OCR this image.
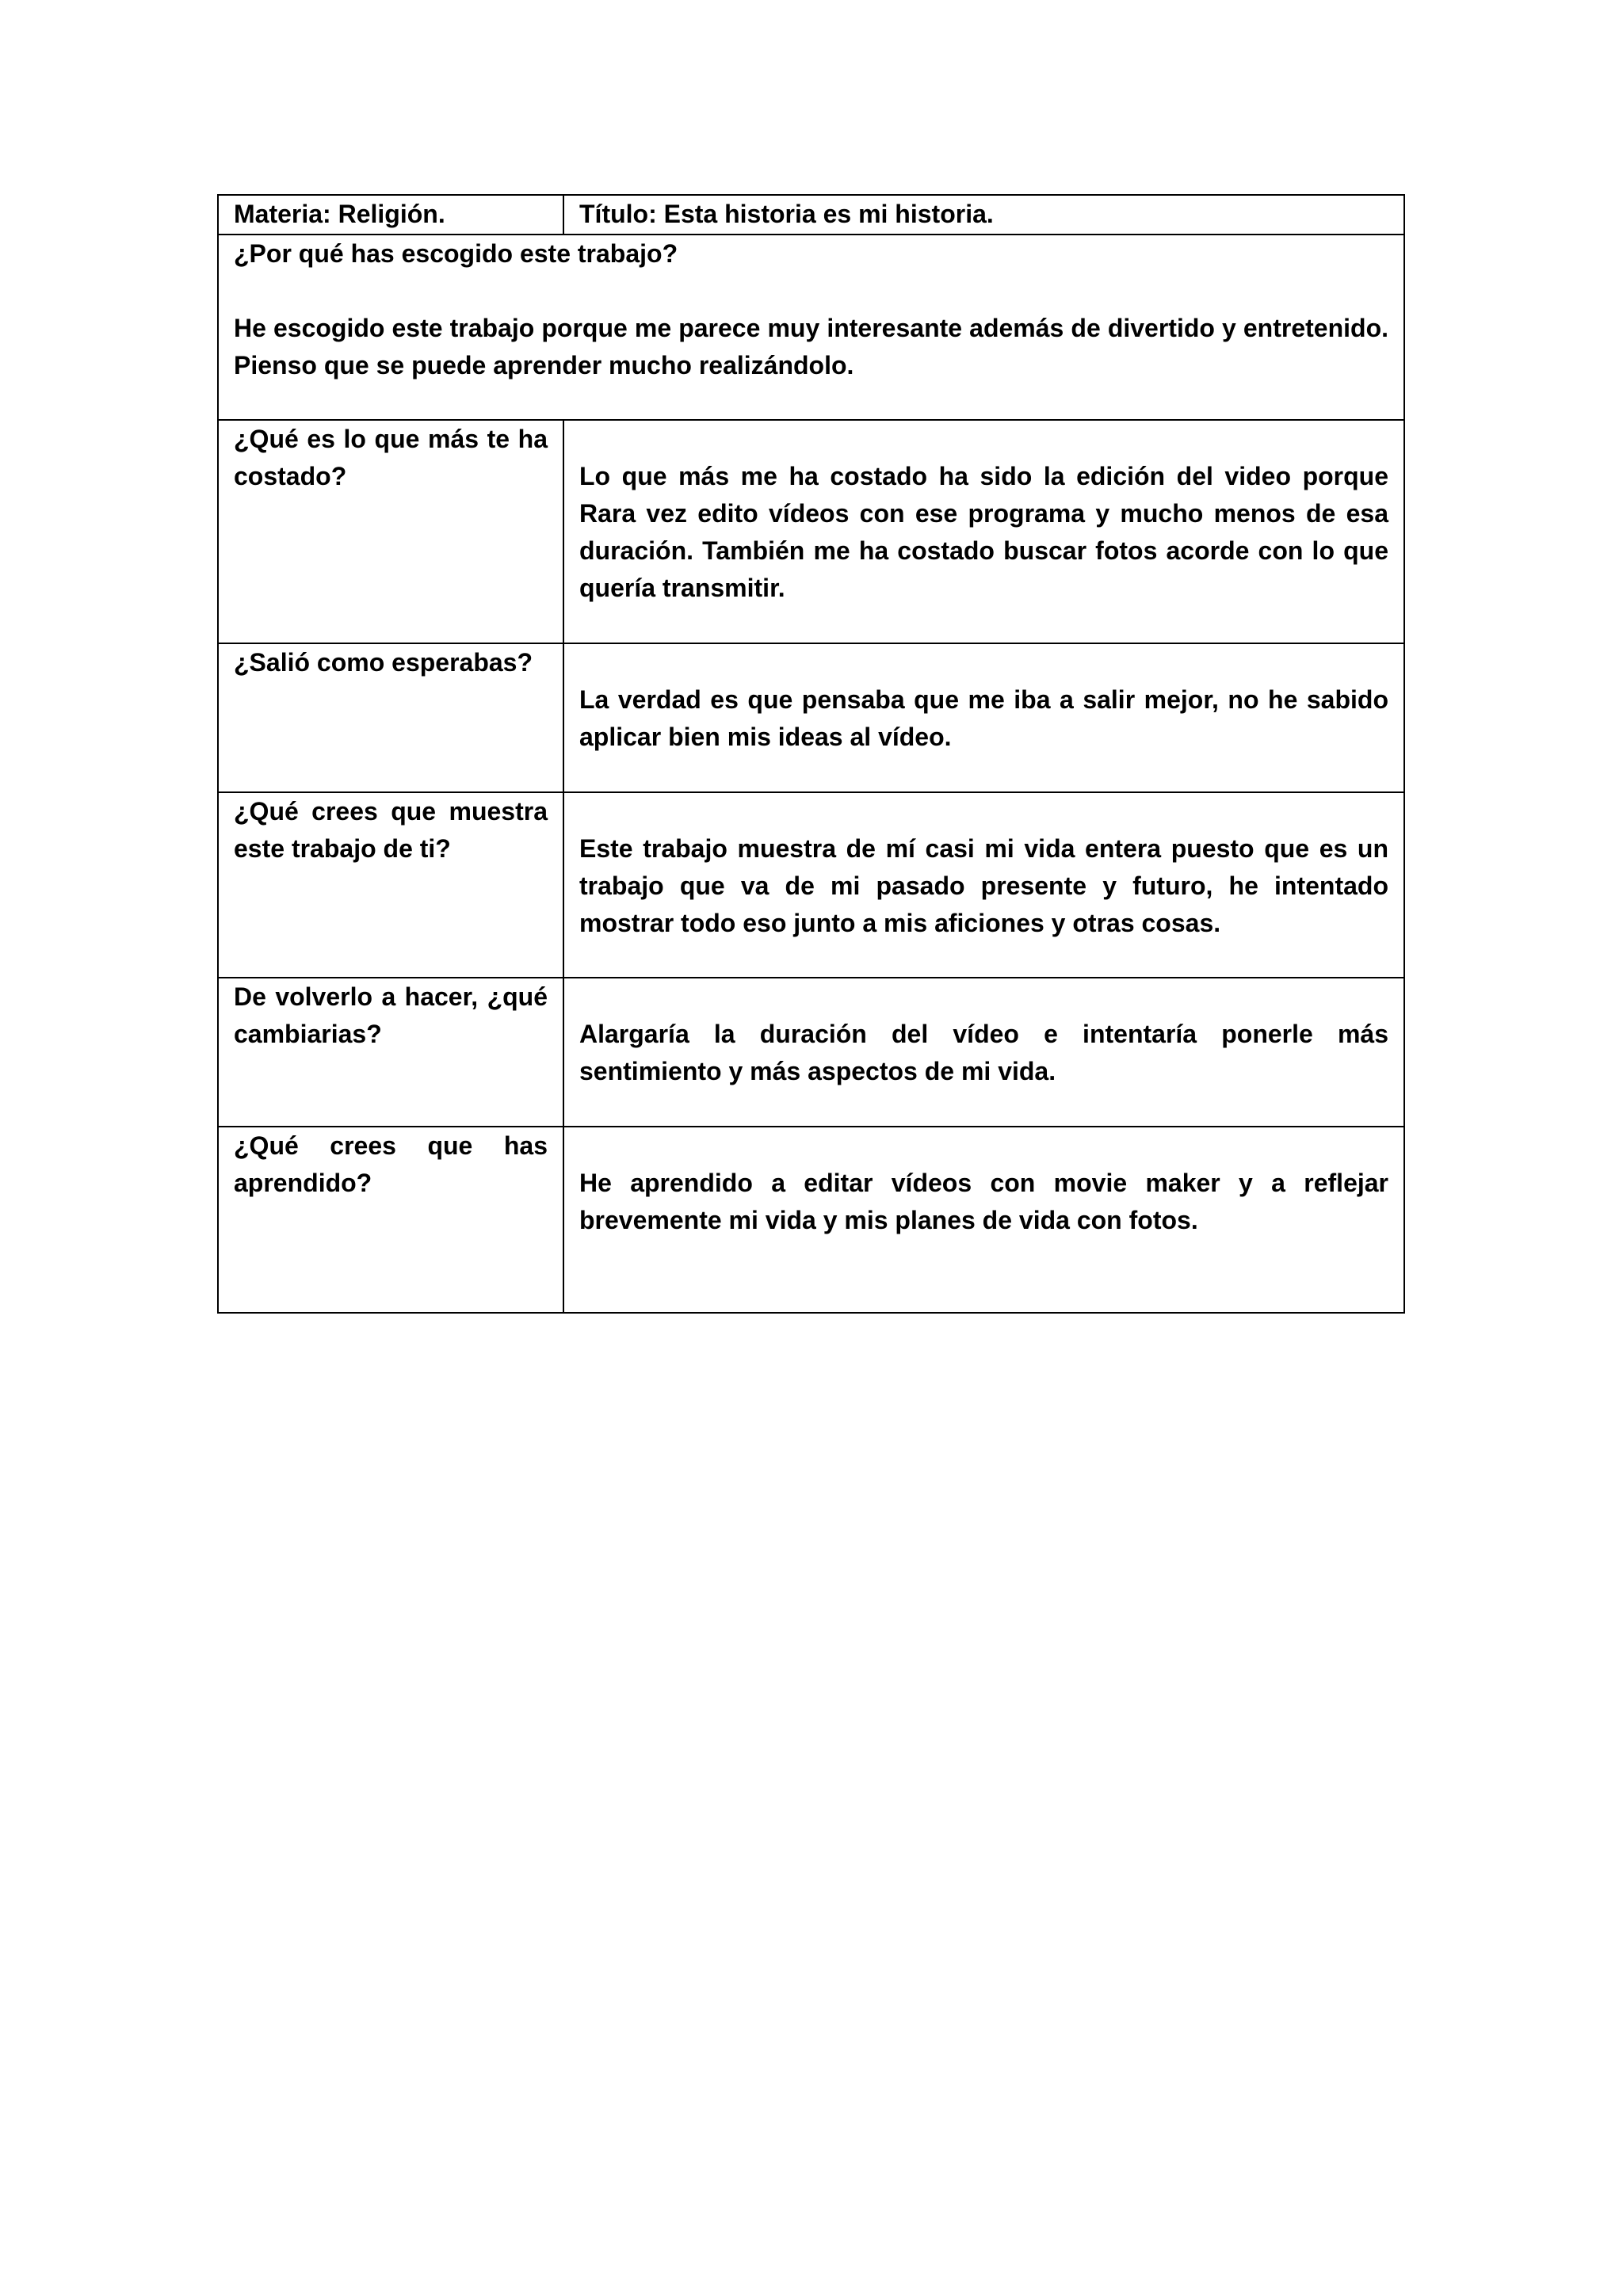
Materia: Religión.	Título: Esta historia es mi historia.

¿Por qué has escogido este trabajo?

He escogido este trabajo porque me parece muy interesante además de divertido y entretenido. Pienso que se puede aprender mucho realizándolo.	

¿Qué es lo que más te ha costado?	Lo que más me ha costado ha sido la edición del video porque Rara vez edito vídeos con ese programa y mucho menos de esa duración. También me ha costado buscar fotos acorde con lo que quería transmitir.

¿Salió como esperabas?	La verdad es que pensaba que me iba a salir mejor, no he sabido aplicar bien mis ideas al vídeo.

¿Qué crees que muestra este trabajo de ti?	Este trabajo muestra de mí casi mi vida entera puesto que es un trabajo que va de mi pasado presente y futuro, he intentado mostrar todo eso junto a mis aficiones y otras cosas.

De volverlo a hacer, ¿qué cambiarias?	Alargaría la duración del vídeo e intentaría ponerle más sentimiento y más aspectos de mi vida.

¿Qué crees que has aprendido?	He aprendido a editar vídeos con movie maker y a reflejar brevemente mi vida y mis planes de vida con fotos.
